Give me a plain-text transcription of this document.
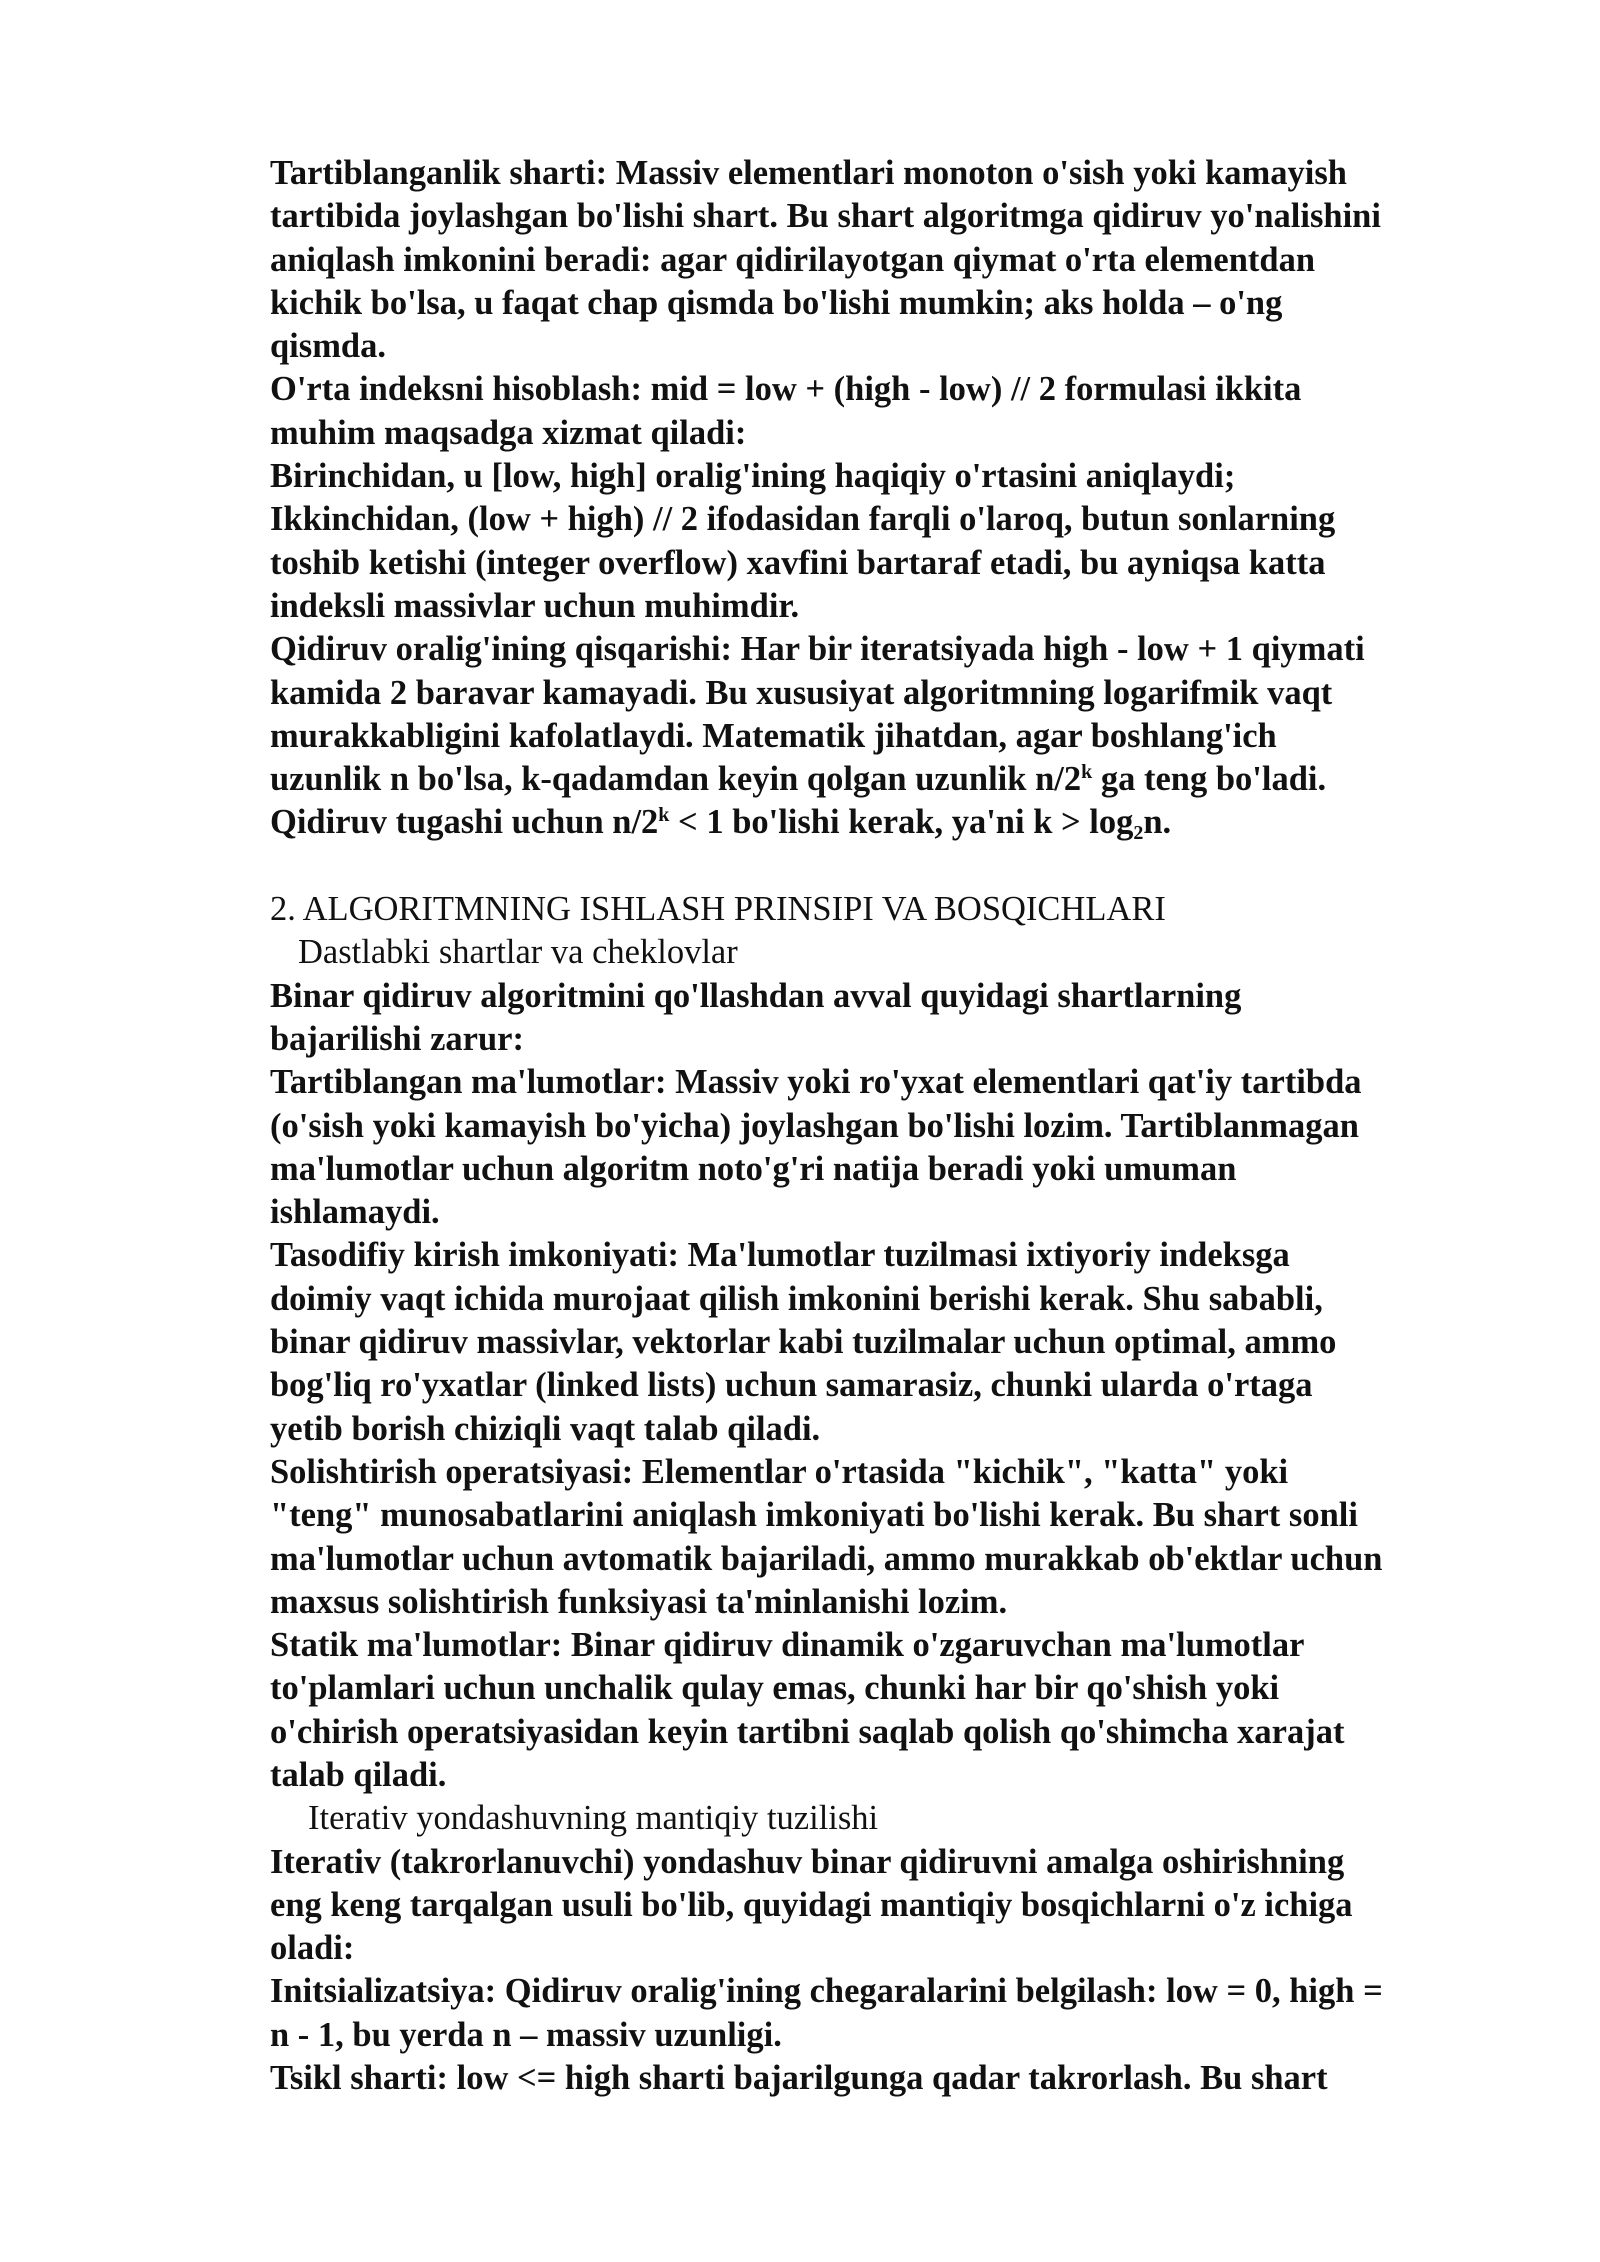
Tartiblanganlik sharti: Massiv elementlari monoton o'sish yoki kamayish
tartibida joylashgan bo'lishi shart. Bu shart algoritmga qidiruv yo'nalishini
aniqlash imkonini beradi: agar qidirilayotgan qiymat o'rta elementdan
kichik bo'lsa, u faqat chap qismda bo'lishi mumkin; aks holda – o'ng
qismda.
O'rta indeksni hisoblash: mid = low + (high - low) // 2 formulasi ikkita
muhim maqsadga xizmat qiladi:
Birinchidan, u [low, high] oralig'ining haqiqiy o'rtasini aniqlaydi;
Ikkinchidan, (low + high) // 2 ifodasidan farqli o'laroq, butun sonlarning
toshib ketishi (integer overflow) xavfini bartaraf etadi, bu ayniqsa katta
indeksli massivlar uchun muhimdir.
Qidiruv oralig'ining qisqarishi: Har bir iteratsiyada high - low + 1 qiymati
kamida 2 baravar kamayadi. Bu xususiyat algoritmning logarifmik vaqt
murakkabligini kafolatlaydi. Matematik jihatdan, agar boshlang'ich
uzunlik n bo'lsa, k-qadamdan keyin qolgan uzunlik n/2$^k$ ga teng bo'ladi.
Qidiruv tugashi uchun $n/2^k < 1$ bo'lishi kerak, ya'ni $k > \log_2n$.
2. ALGORITMNING ISHLASH PRINSIPI VA BOSQICHLARI
Dastlabki shartlar va cheklovlar
Binar qidiruv algoritmini qo'llashdan avval quyidagi shartlarning
bajarilishi zarur:
Tartiblangan ma'lumotlar: Massiv yoki ro'yxat elementlari qat'iy tartibda
(o'sish yoki kamayish bo'yicha) joylashgan bo'lishi lozim. Tartiblanmagan
ma'lumotlar uchun algoritm noto'g'ri natija beradi yoki umuman
ishlamaydi.
Tasodifiy kirish imkoniyati: Ma'lumotlar tuzilmasi ixtiyoriy indeksga
doimiy vaqt ichida murojaat qilish imkonini berishi kerak. Shu sababli,
binar qidiruv massivlar, vektorlar kabi tuzilmalar uchun optimal, ammo
bog'liq ro'yxatlar (linked lists) uchun samarasiz, chunki ularda o'rtaga
yetib borish chiziqli vaqt talab qiladi.
Solishtirish operatsiyasi: Elementlar o'rtasida "kichik", "katta" yoki
"teng" munosabatlarini aniqlash imkoniyati bo'lishi kerak. Bu shart sonli
ma'lumotlar uchun avtomatik bajariladi, ammo murakkab ob'ektlar uchun
maxsus solishtirish funksiyasi ta'minlanishi lozim.
Statik ma'lumotlar: Binar qidiruv dinamik o'zgaruvchan ma'lumotlar
to'plamlari uchun unchalik qulay emas, chunki har bir qo'shish yoki
o'chirish operatsiyasidan keyin tartibni saqlab qolish qo'shimcha xarajat
talab qiladi.
Iterativ yondashuvning mantiqiy tuzilishi
Iterativ (takrorlanuvchi) yondashuv binar qidiruvni amalga oshirishning
eng keng tarqalgan usuli bo'lib, quyidagi mantiqiy bosqichlarni o'z ichiga
oladi:
Initsializatsiya: Qidiruv oralig'ining chegaralarini belgilash: low = 0, high =
n - 1, bu yerda n – massiv uzunligi.
Tsikl sharti: low <= high sharti bajarilgunga qadar takrorlash. Bu shart
